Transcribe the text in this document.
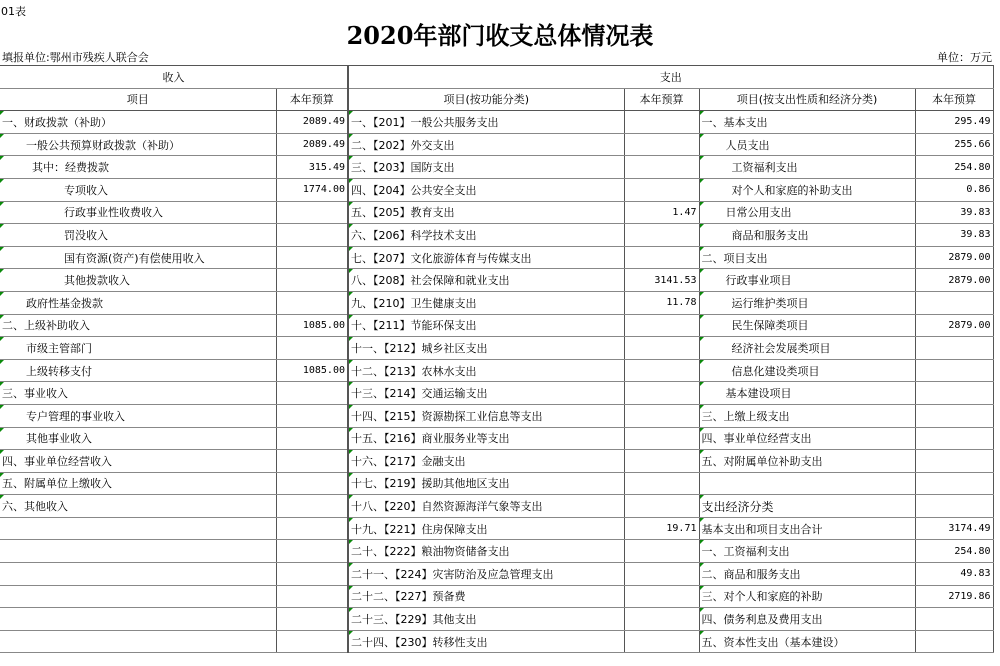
01表
2020年部门收支总体情况表
填报单位:鄂州市残疾人联合会	单位：万元
收入		支出			
项目	本年预算	项目(按功能分类)	本年预算	项目(按支出性质和经济分类)	本年预算
一、财政拨款（补助）	2089.49	一、【201】一般公共服务支出		一、基本支出	295.49
一般公共预算财政拨款（补助）	2089.49	二、【202】外交支出		人员支出	255.66
其中：经费拨款	315.49	三、【203】国防支出		工资福利支出	254.80
专项收入	1774.00	四、【204】公共安全支出		对个人和家庭的补助支出	0.86
行政事业性收费收入		五、【205】教育支出	1.47	日常公用支出	39.83
罚没收入		六、【206】科学技术支出		商品和服务支出	39.83
国有资源(资产)有偿使用收入		七、【207】文化旅游体育与传媒支出		二、项目支出	2879.00
其他拨款收入		八、【208】社会保障和就业支出	3141.53	行政事业项目	2879.00
政府性基金拨款		九、【210】卫生健康支出	11.78	运行维护类项目	
二、上级补助收入	1085.00	十、【211】节能环保支出		民生保障类项目	2879.00
市级主管部门		十一、【212】城乡社区支出		经济社会发展类项目	
上级转移支付	1085.00	十二、【213】农林水支出		信息化建设类项目	
三、事业收入		十三、【214】交通运输支出		基本建设项目	
专户管理的事业收入		十四、【215】资源勘探工业信息等支出		三、上缴上级支出	
其他事业收入		十五、【216】商业服务业等支出		四、事业单位经营支出	
四、事业单位经营收入		十六、【217】金融支出		五、对附属单位补助支出	
五、附属单位上缴收入		十七、【219】援助其他地区支出			
六、其他收入		十八、【220】自然资源海洋气象等支出		支出经济分类	
		十九、【221】住房保障支出	19.71	基本支出和项目支出合计	3174.49
		二十、【222】粮油物资储备支出		一、工资福利支出	254.80
		二十一、【224】灾害防治及应急管理支出		二、商品和服务支出	49.83
		二十二、【227】预备费		三、对个人和家庭的补助	2719.86
		二十三、【229】其他支出		四、债务利息及费用支出	
		二十四、【230】转移性支出		五、资本性支出（基本建设）	
